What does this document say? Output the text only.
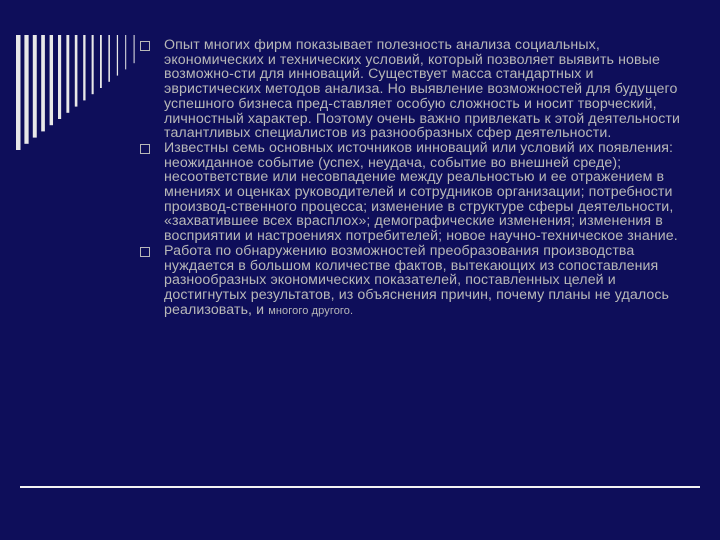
Опыт многих фирм показывает полезность анализа социальных, экономических и технических условий, который позволяет выявить новые возможно-сти для инноваций. Существует масса стандартных и эвристических методов анализа. Но выявление возможностей для будущего успешного бизнеса пред-ставляет особую сложность и носит творческий, личностный характер. Поэтому очень важно привлекать к этой деятельности талантливых специалистов из разнообразных сфер деятельности.
Известны семь основных источников инноваций или условий их появления: неожиданное событие (успех, неудача, событие во внешней среде); несоответствие или несовпадение между реальностью и ее отражением в мнениях и оценках руководителей и сотрудников организации; потребности производ-ственного процесса; изменение в структуре сферы деятельности, «захватившее всех врасплох»; демографические изменения; изменения в восприятии и настроениях потребителей; новое научно-техническое знание.
Работа по обнаружению возможностей преобразования производства нуждается в большом количестве фактов, вытекающих из сопоставления разнообразных экономических показателей, поставленных целей и достигнутых результатов, из объяснения причин, почему планы не удалось реализовать, и многого другого.
